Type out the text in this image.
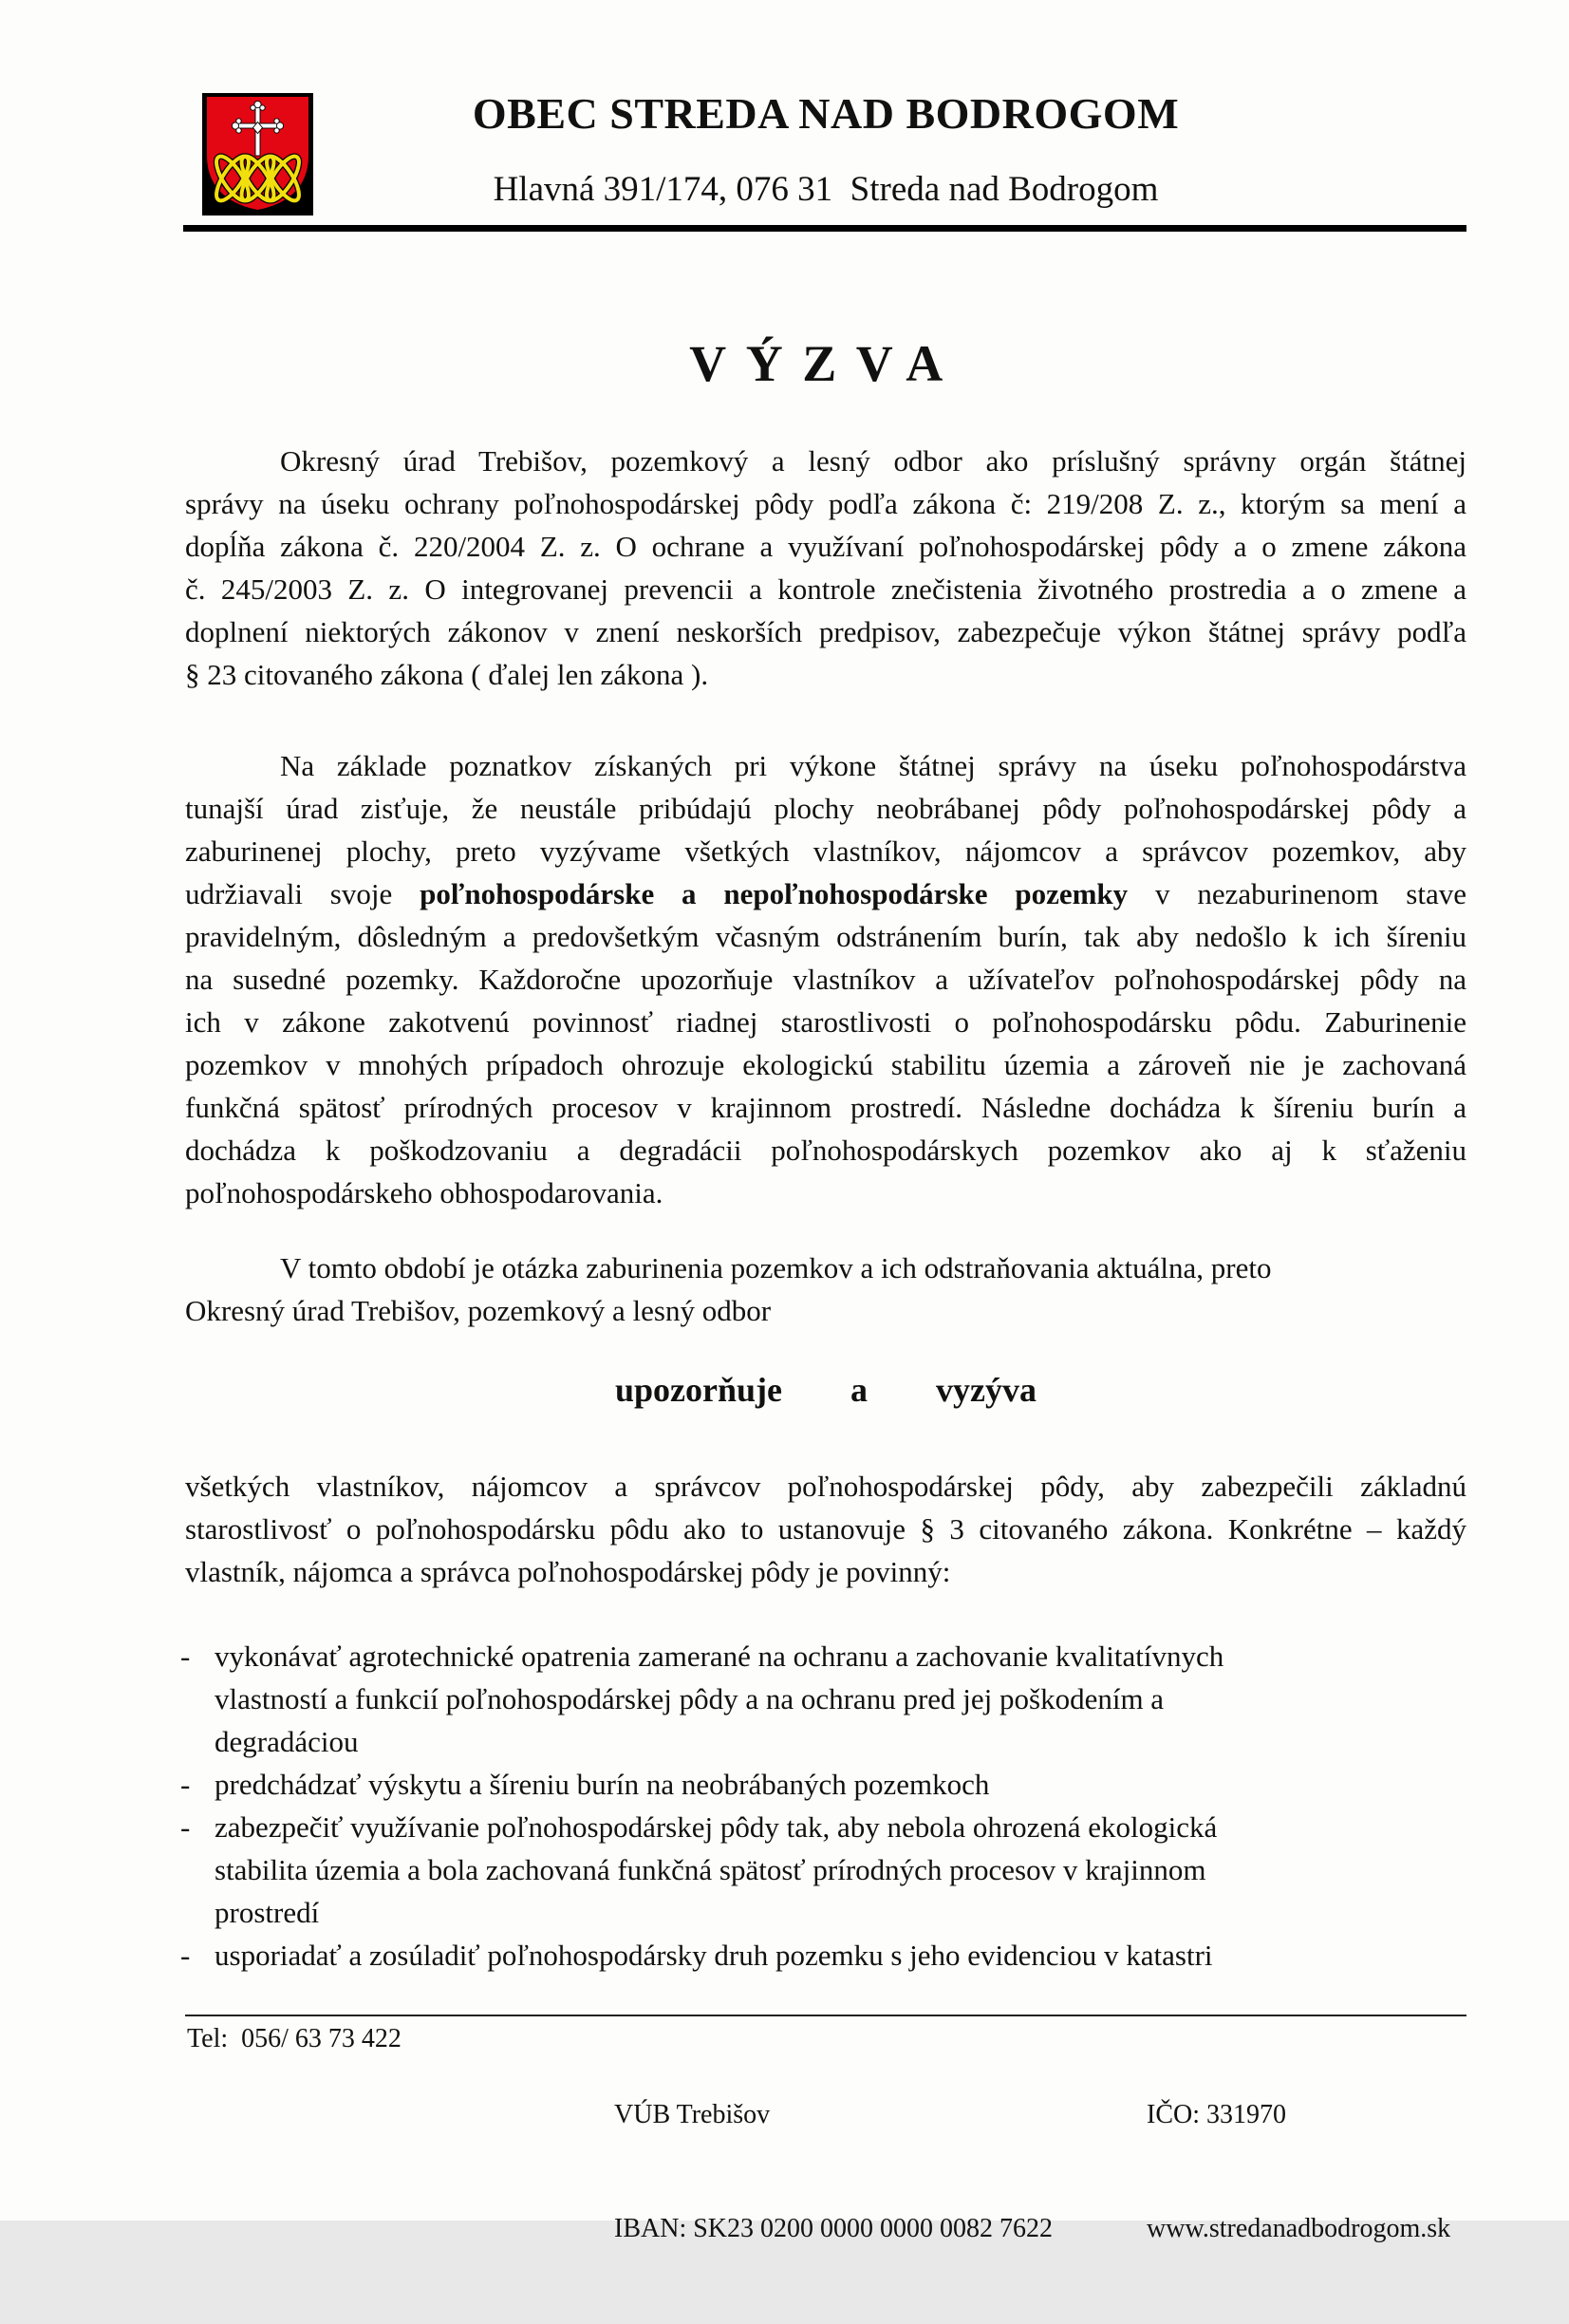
OBEC STREDA NAD BODROGOM
Hlavná 391/174, 076 31  Streda nad Bodrogom
VÝZVA
Okresný úrad Trebišov, pozemkový a lesný odbor ako príslušný správny orgán štátnej
správy na úseku ochrany poľnohospodárskej pôdy podľa zákona č: 219/208 Z. z., ktorým sa mení a
dopĺňa zákona č. 220/2004 Z. z. O ochrane a využívaní poľnohospodárskej pôdy a o zmene zákona
č. 245/2003 Z. z. O integrovanej prevencii a kontrole znečistenia životného prostredia a o zmene a
doplnení niektorých zákonov v znení neskorších predpisov, zabezpečuje výkon štátnej správy podľa
§ 23 citovaného zákona ( ďalej len zákona ).
Na základe poznatkov získaných pri výkone štátnej správy na úseku poľnohospodárstva
tunajší úrad zisťuje, že neustále pribúdajú plochy neobrábanej pôdy poľnohospodárskej pôdy a
zaburinenej plochy, preto vyzývame všetkých vlastníkov, nájomcov a správcov pozemkov, aby
udržiavali svoje poľnohospodárske a nepoľnohospodárske pozemky v nezaburinenom stave
pravidelným, dôsledným a predovšetkým včasným odstránením burín, tak aby nedošlo k ich šíreniu
na susedné pozemky. Každoročne upozorňuje vlastníkov a užívateľov poľnohospodárskej pôdy na
ich v zákone zakotvenú povinnosť riadnej starostlivosti o poľnohospodársku pôdu. Zaburinenie
pozemkov v mnohých prípadoch ohrozuje ekologickú stabilitu územia a zároveň nie je zachovaná
funkčná spätosť prírodných procesov v krajinnom prostredí. Následne dochádza k šíreniu burín a
dochádza k poškodzovaniu a degradácii poľnohospodárskych pozemkov ako aj k sťaženiu
poľnohospodárskeho obhospodarovania.
V tomto období je otázka zaburinenia pozemkov a ich odstraňovania aktuálna, preto
Okresný úrad Trebišov, pozemkový a lesný odbor
upozorňuje        a        vyzýva
všetkých vlastníkov, nájomcov a správcov poľnohospodárskej pôdy, aby zabezpečili základnú
starostlivosť o poľnohospodársku pôdu ako to ustanovuje § 3 citovaného zákona. Konkrétne – každý
vlastník, nájomca a správca poľnohospodárskej pôdy je povinný:
- vykonávať agrotechnické opatrenia zamerané na ochranu a zachovanie kvalitatívnych
vlastností a funkcií poľnohospodárskej pôdy a na ochranu pred jej poškodením a
degradáciou
- predchádzať výskytu a šíreniu burín na neobrábaných pozemkoch
- zabezpečiť využívanie poľnohospodárskej pôdy tak, aby nebola ohrozená ekologická
stabilita územia a bola zachovaná funkčná spätosť prírodných procesov v krajinnom
prostredí
- usporiadať a zosúladiť poľnohospodársky druh pozemku s jeho evidenciou v katastri
Tel:  056/ 63 73 422

VÚB Trebišov

IBAN: SK23 0200 0000 0000 0082 7622

IČO: 331970

www.stredanadbodrogom.sk
